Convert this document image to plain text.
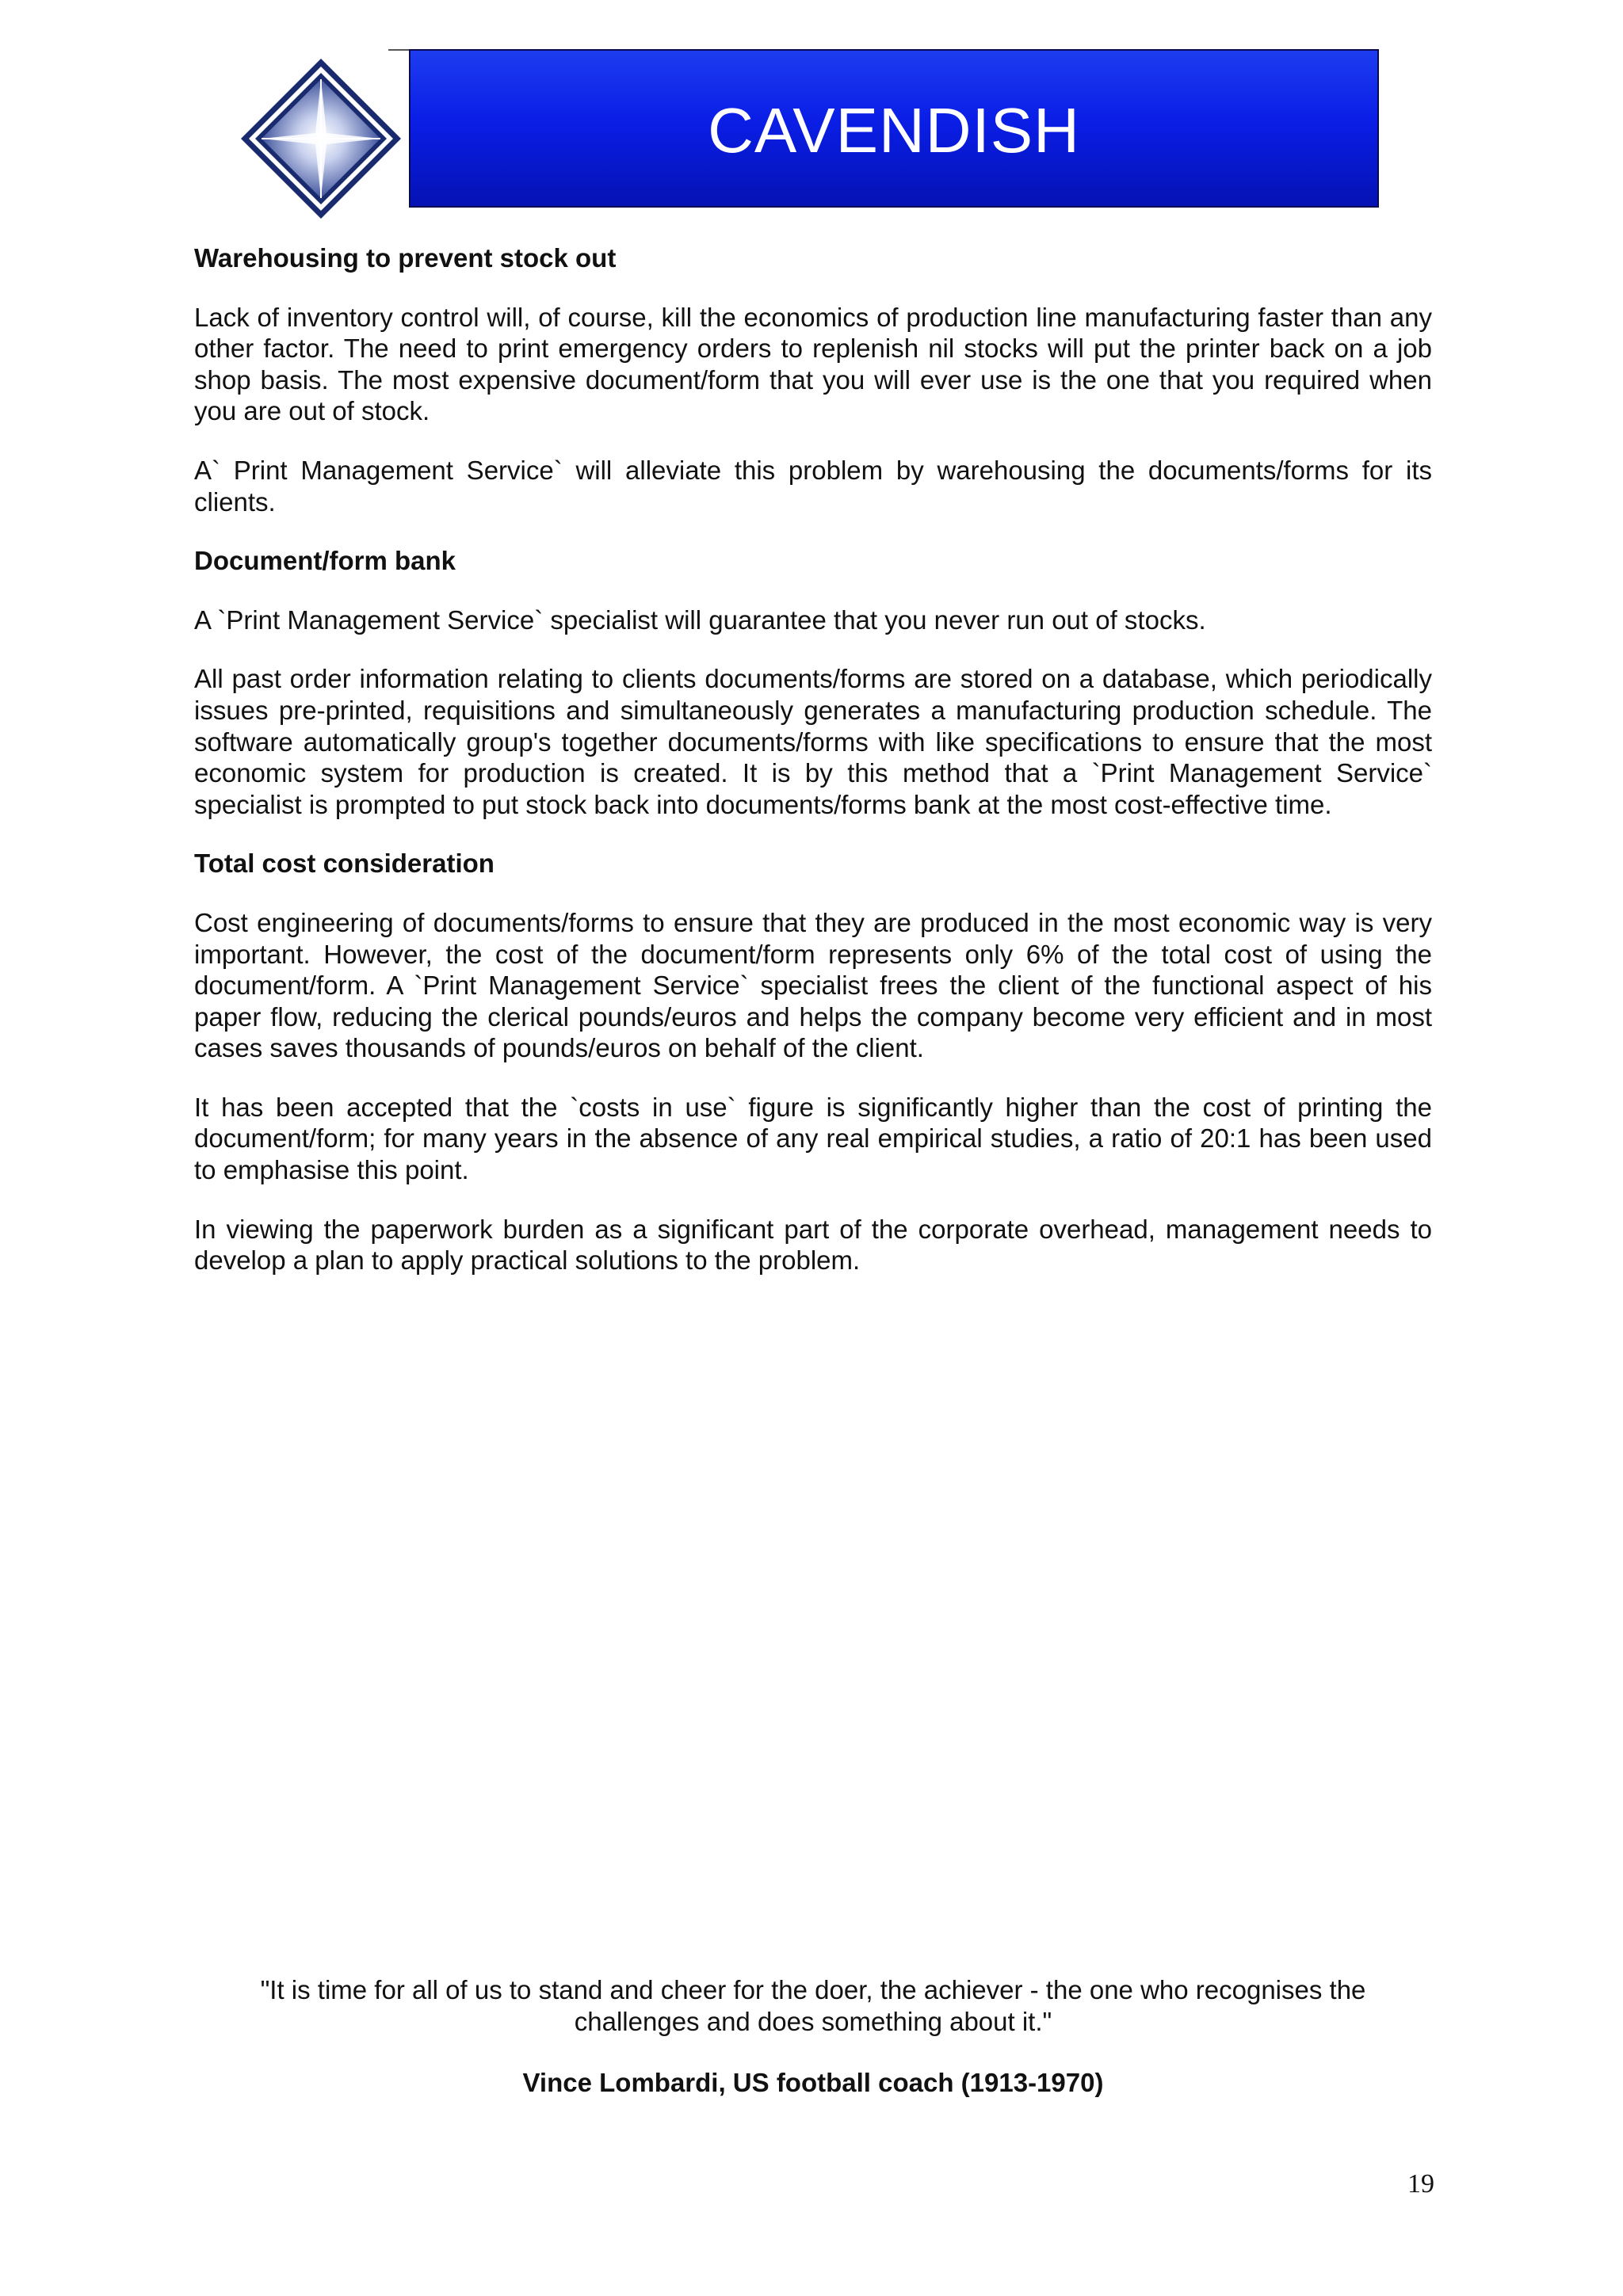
CAVENDISH
Warehousing to prevent stock out

Lack of inventory control will, of course, kill the economics of production line manufacturing faster than any other factor. The need to print emergency orders to replenish nil stocks will put the printer back on a job shop basis. The most expensive document/form that you will ever use is the one that you required when you are out of stock.

A` Print Management Service` will alleviate this problem by warehousing the documents/forms for its clients.

Document/form bank

A `Print Management Service` specialist will guarantee that you never run out of stocks.

All past order information relating to clients documents/forms are stored on a database, which periodically issues pre-printed, requisitions and simultaneously generates a manufacturing production schedule. The software automatically group's together documents/forms with like specifications to ensure that the most economic system for production is created. It is by this method that a `Print Management Service` specialist is prompted to put stock back into documents/forms bank at the most cost-effective time.

Total cost consideration

Cost engineering of documents/forms to ensure that they are produced in the most economic way is very important. However, the cost of the document/form represents only 6% of the total cost of using the document/form. A `Print Management Service` specialist frees the client of the functional aspect of his paper flow, reducing the clerical pounds/euros and helps the company become very efficient and in most cases saves thousands of pounds/euros on behalf of the client.

It has been accepted that the `costs in use` figure is significantly higher than the cost of printing the document/form; for many years in the absence of any real empirical studies, a ratio of 20:1 has been used to emphasise this point.

In viewing the paperwork burden as a significant part of the corporate overhead, management needs to develop a plan to apply practical solutions to the problem.

"It is time for all of us to stand and cheer for the doer, the achiever - the one who recognises the
challenges and does something about it."
Vince Lombardi, US football coach (1913-1970)
19
